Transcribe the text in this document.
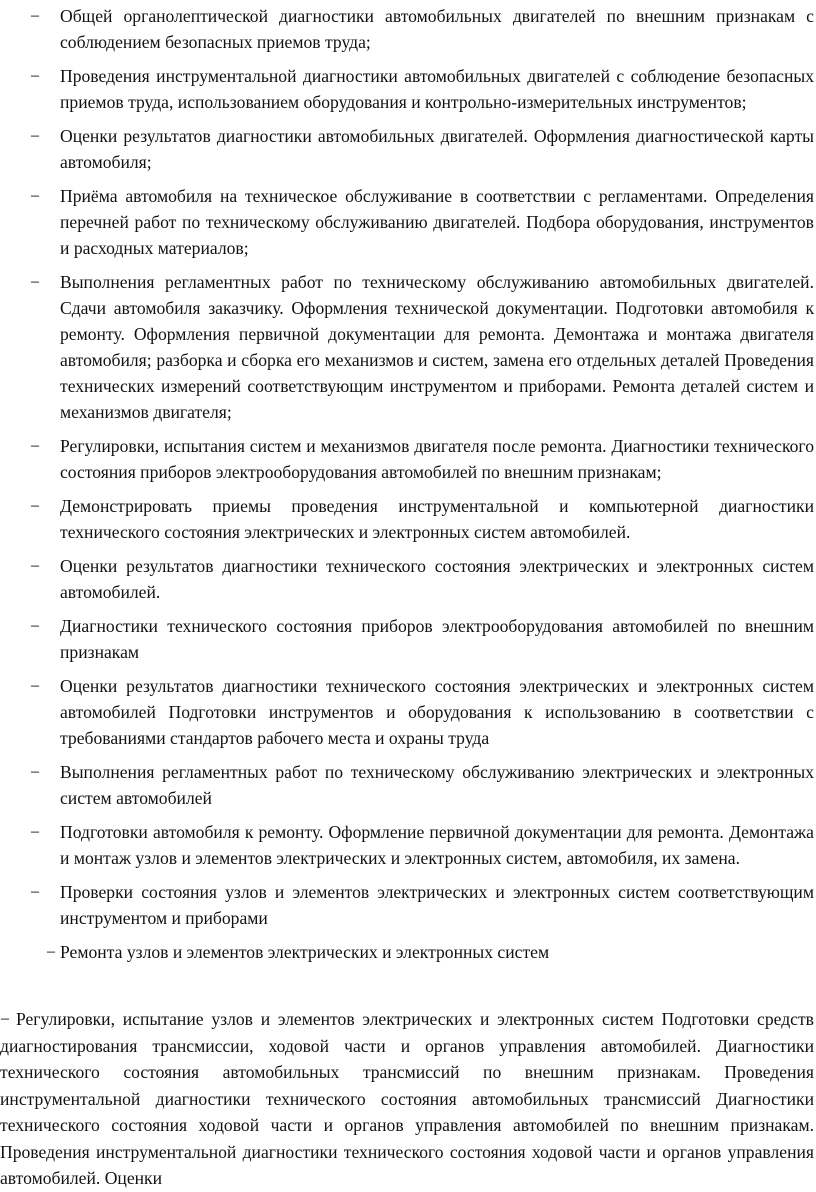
− Общей органолептической диагностики автомобильных двигателей по внешним признакам с соблюдением безопасных приемов труда;
− Проведения инструментальной диагностики автомобильных двигателей с соблюдение безопасных приемов труда, использованием оборудования и контрольно-измерительных инструментов;
− Оценки результатов диагностики автомобильных двигателей. Оформления диагностической карты автомобиля;
− Приёма автомобиля на техническое обслуживание в соответствии с регламентами. Определения перечней работ по техническому обслуживанию двигателей. Подбора оборудования, инструментов и расходных материалов;
− Выполнения регламентных работ по техническому обслуживанию автомобильных двигателей. Сдачи автомобиля заказчику. Оформления технической документации. Подготовки автомобиля к ремонту. Оформления первичной документации для ремонта. Демонтажа и монтажа двигателя автомобиля; разборка и сборка его механизмов и систем, замена его отдельных деталей Проведения технических измерений соответствующим инструментом и приборами. Ремонта деталей систем и механизмов двигателя;
− Регулировки, испытания систем и механизмов двигателя после ремонта. Диагностики технического состояния приборов электрооборудования автомобилей по внешним признакам;
− Демонстрировать приемы проведения инструментальной и компьютерной диагностики технического состояния электрических и электронных систем автомобилей.
− Оценки результатов диагностики технического состояния электрических и электронных систем автомобилей.
− Диагностики технического состояния приборов электрооборудования автомобилей по внешним признакам
− Оценки результатов диагностики технического состояния электрических и электронных систем автомобилей Подготовки инструментов и оборудования к использованию в соответствии с требованиями стандартов рабочего места и охраны труда
− Выполнения регламентных работ по техническому обслуживанию электрических и электронных систем автомобилей
− Подготовки автомобиля к ремонту. Оформление первичной документации для ремонта. Демонтажа и монтаж узлов и элементов электрических и электронных систем, автомобиля, их замена.
− Проверки состояния узлов и элементов электрических и электронных систем соответствующим инструментом и приборами
− Ремонта узлов и элементов электрических и электронных систем
− Регулировки, испытание узлов и элементов электрических и электронных систем Подготовки средств диагностирования трансмиссии, ходовой части и органов управления автомобилей. Диагностики технического состояния автомобильных трансмиссий по внешним признакам. Проведения инструментальной диагностики технического состояния автомобильных трансмиссий Диагностики технического состояния ходовой части и органов управления автомобилей по внешним признакам. Проведения инструментальной диагностики технического состояния ходовой части и органов управления автомобилей. Оценки
